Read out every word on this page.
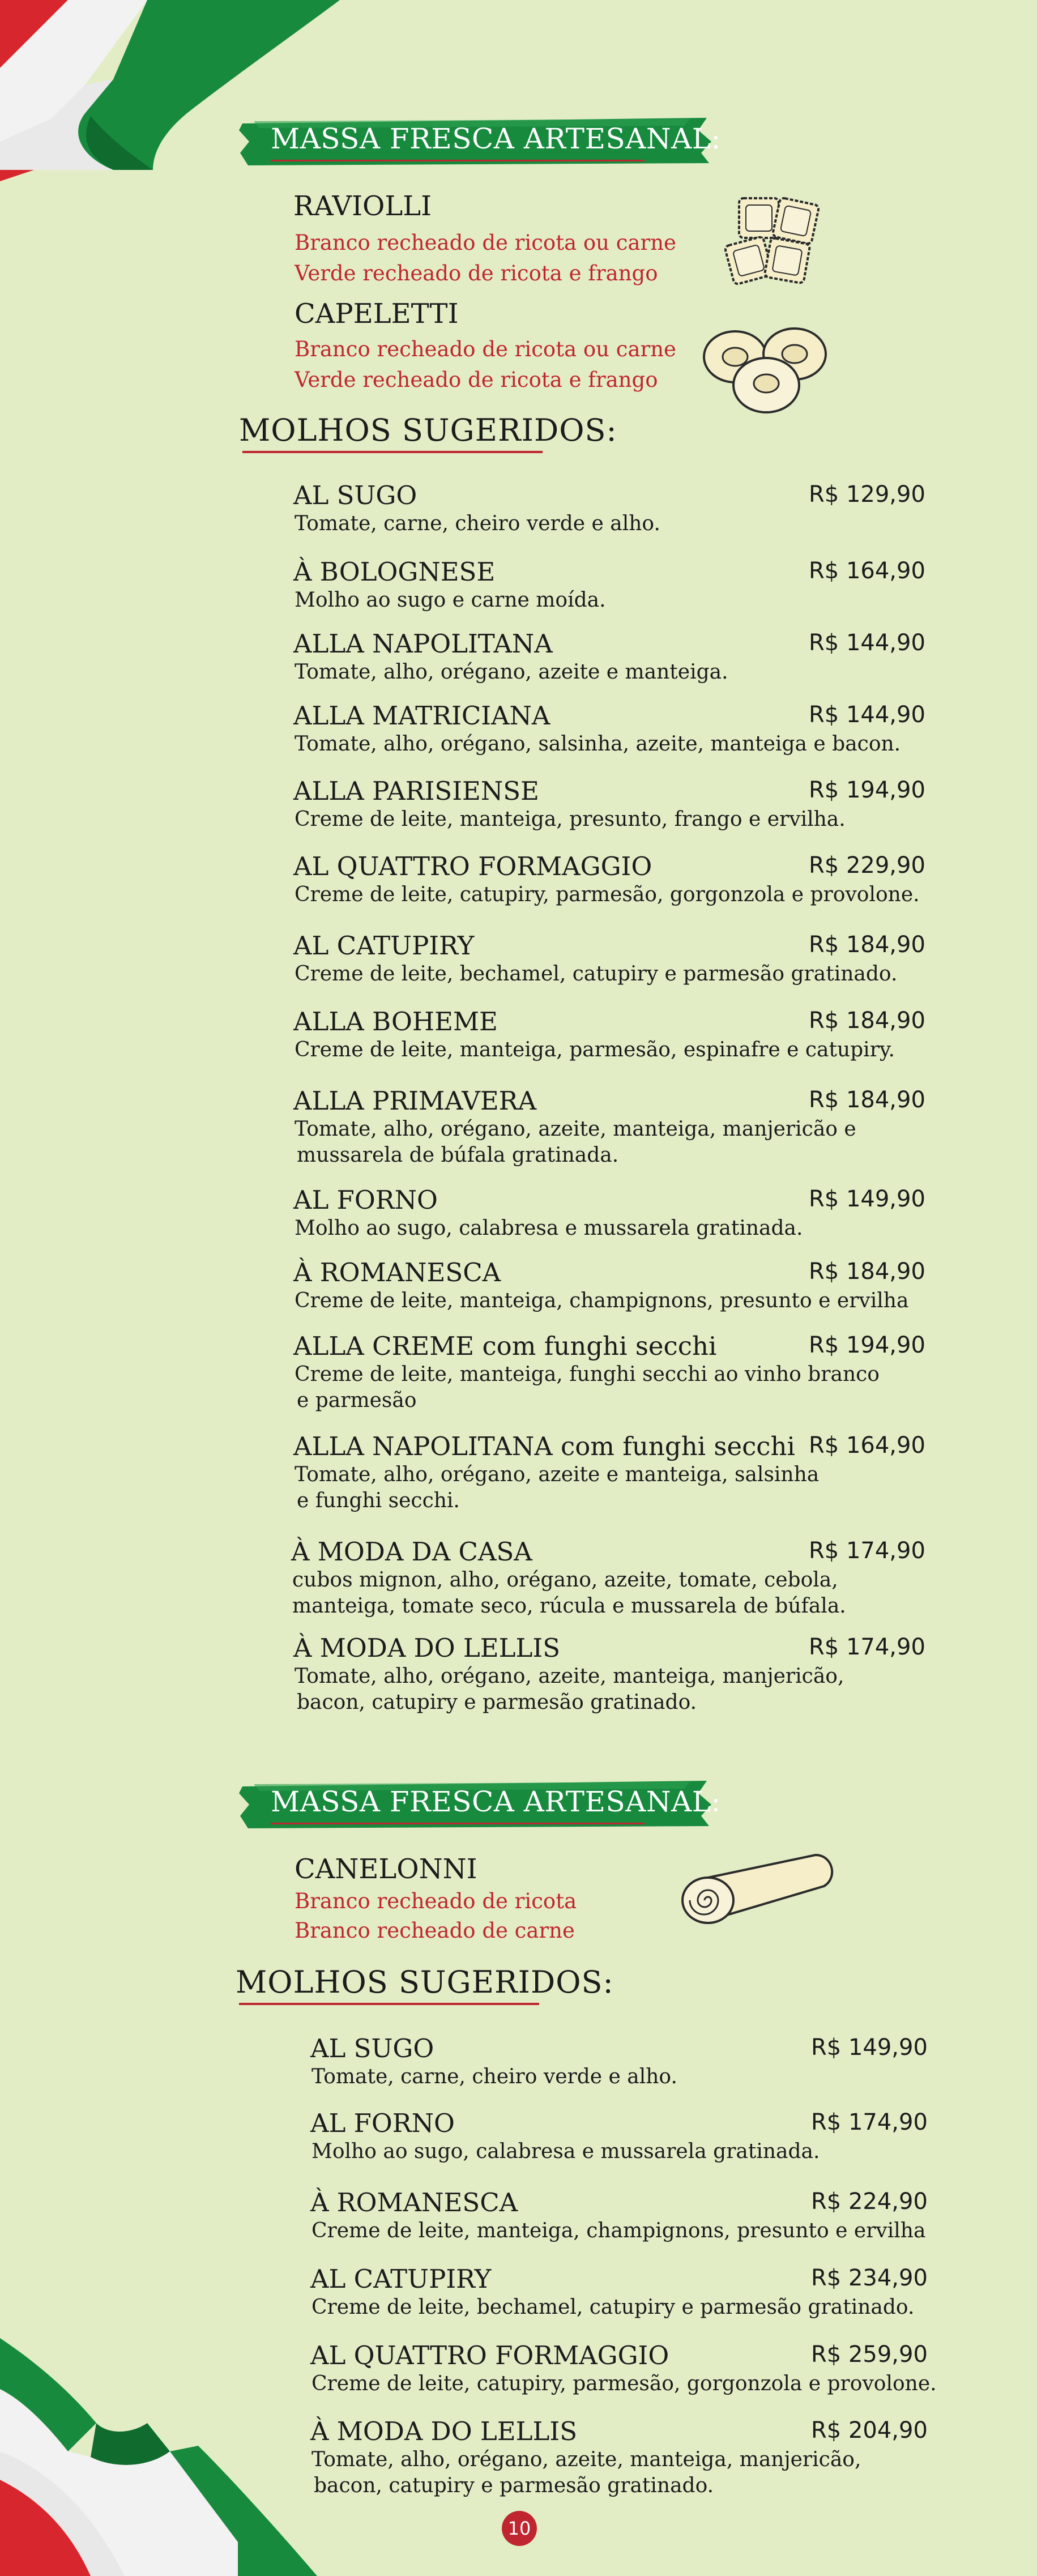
MASSA FRESCA ARTESANAL:
RAVIOLLI
Branco recheado de ricota ou carne
Verde recheado de ricota e frango
CAPELETTI
Branco recheado de ricota ou carne
Verde recheado de ricota e frango
MOLHOS SUGERIDOS:
AL SUGO
Tomate, carne, cheiro verde e alho.
R$ 129,90
À BOLOGNESE
Molho ao sugo e carne moída.
R$ 164,90
ALLA NAPOLITANA
Tomate, alho, orégano, azeite e manteiga.
R$ 144,90
ALLA MATRICIANA
Tomate, alho, orégano, salsinha, azeite, manteiga e bacon.
R$ 144,90
ALLA PARISIENSE
Creme de leite, manteiga, presunto, frango e ervilha.
R$ 194,90
AL QUATTRO FORMAGGIO
Creme de leite, catupiry, parmesão, gorgonzola e provolone.
R$ 229,90
AL CATUPIRY
Creme de leite, bechamel, catupiry e parmesão gratinado.
R$ 184,90
ALLA BOHEME
Creme de leite, manteiga, parmesão, espinafre e catupiry.
R$ 184,90
ALLA PRIMAVERA
Tomate, alho, orégano, azeite, manteiga, manjericão e
mussarela de búfala gratinada.
R$ 184,90
AL FORNO
Molho ao sugo, calabresa e mussarela gratinada.
R$ 149,90
À ROMANESCA
Creme de leite, manteiga, champignons, presunto e ervilha
R$ 184,90
ALLA CREME com funghi secchi
Creme de leite, manteiga, funghi secchi ao vinho branco
e parmesão
R$ 194,90
ALLA NAPOLITANA com funghi secchi
Tomate, alho, orégano, azeite e manteiga, salsinha
e funghi secchi.
R$ 164,90
À MODA DA CASA
cubos mignon, alho, orégano, azeite, tomate, cebola,
manteiga, tomate seco, rúcula e mussarela de búfala.
R$ 174,90
À MODA DO LELLIS
Tomate, alho, orégano, azeite, manteiga, manjericão,
bacon, catupiry e parmesão gratinado.
R$ 174,90
MASSA FRESCA ARTESANAL:
CANELONNI
Branco recheado de ricota
Branco recheado de carne
MOLHOS SUGERIDOS:
AL SUGO
Tomate, carne, cheiro verde e alho.
R$ 149,90
AL FORNO
Molho ao sugo, calabresa e mussarela gratinada.
R$ 174,90
À ROMANESCA
Creme de leite, manteiga, champignons, presunto e ervilha
R$ 224,90
AL CATUPIRY
Creme de leite, bechamel, catupiry e parmesão gratinado.
R$ 234,90
AL QUATTRO FORMAGGIO
Creme de leite, catupiry, parmesão, gorgonzola e provolone.
R$ 259,90
À MODA DO LELLIS
Tomate, alho, orégano, azeite, manteiga, manjericão,
bacon, catupiry e parmesão gratinado.
R$ 204,90
10
